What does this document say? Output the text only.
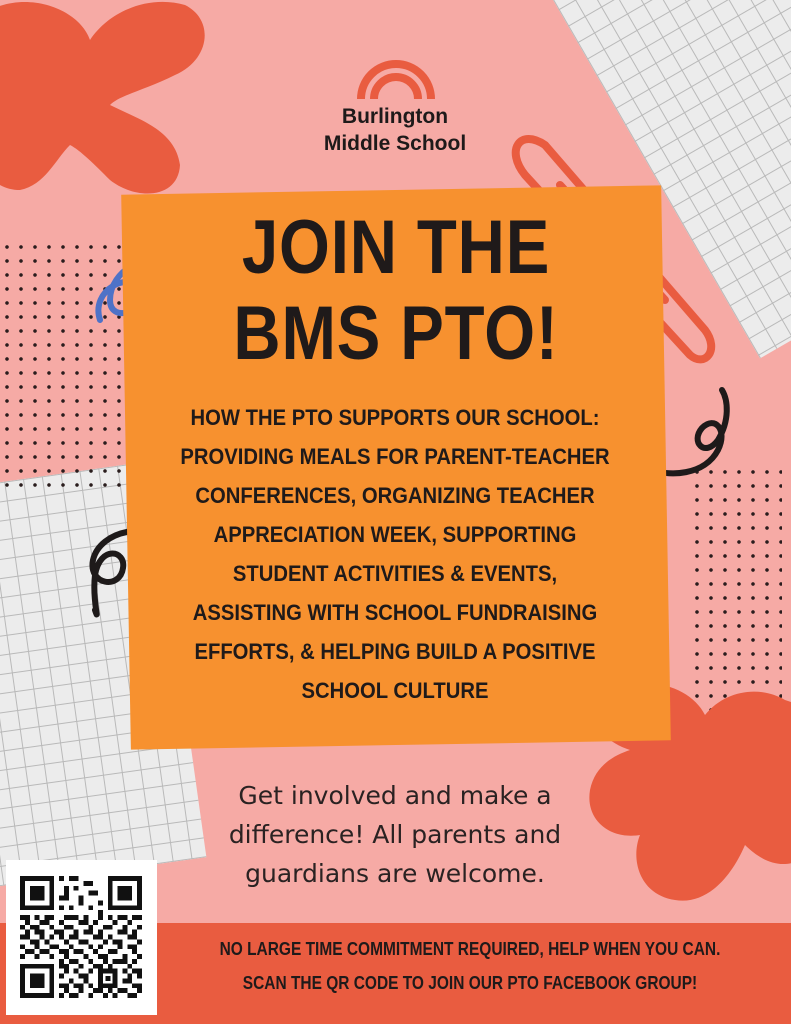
Burlington
Middle School
JOIN THE
BMS PTO!
HOW THE PTO SUPPORTS OUR SCHOOL:
PROVIDING MEALS FOR PARENT-TEACHER
CONFERENCES, ORGANIZING TEACHER
APPRECIATION WEEK, SUPPORTING
STUDENT ACTIVITIES & EVENTS,
ASSISTING WITH SCHOOL FUNDRAISING
EFFORTS, & HELPING BUILD A POSITIVE
SCHOOL CULTURE
Get involved and make a
difference! All parents and
guardians are welcome.
NO LARGE TIME COMMITMENT REQUIRED, HELP WHEN YOU CAN.
SCAN THE QR CODE TO JOIN OUR PTO FACEBOOK GROUP!
